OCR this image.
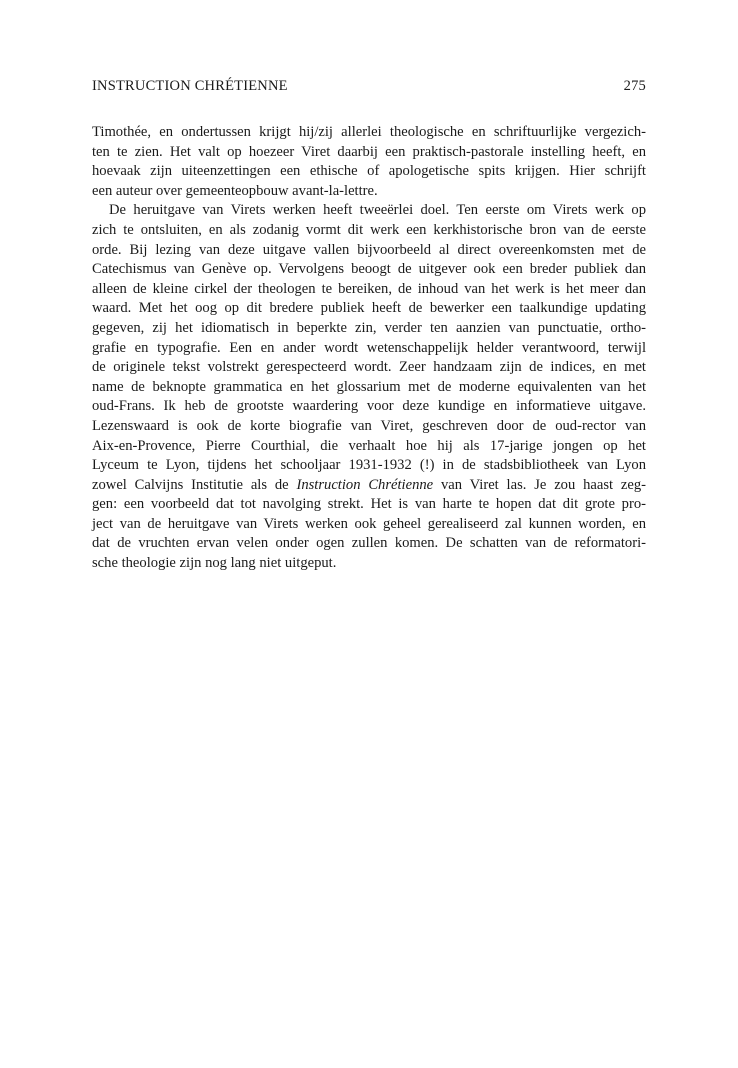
INSTRUCTION CHRÉTIENNE	275

Timothée, en ondertussen krijgt hij/zij allerlei theologische en schriftuurlijke vergezich-
ten te zien. Het valt op hoezeer Viret daarbij een praktisch-pastorale instelling heeft, en
hoevaak zijn uiteenzettingen een ethische of apologetische spits krijgen. Hier schrijft
een auteur over gemeenteopbouw avant-la-lettre.

De heruitgave van Virets werken heeft tweeërlei doel. Ten eerste om Virets werk op
zich te ontsluiten, en als zodanig vormt dit werk een kerkhistorische bron van de eerste
orde. Bij lezing van deze uitgave vallen bijvoorbeeld al direct overeenkomsten met de
Catechismus van Genève op. Vervolgens beoogt de uitgever ook een breder publiek dan
alleen de kleine cirkel der theologen te bereiken, de inhoud van het werk is het meer dan
waard. Met het oog op dit bredere publiek heeft de bewerker een taalkundige updating
gegeven, zij het idiomatisch in beperkte zin, verder ten aanzien van punctuatie, ortho-
grafie en typografie. Een en ander wordt wetenschappelijk helder verantwoord, terwijl
de originele tekst volstrekt gerespecteerd wordt. Zeer handzaam zijn de indices, en met
name de beknopte grammatica en het glossarium met de moderne equivalenten van het
oud-Frans. Ik heb de grootste waardering voor deze kundige en informatieve uitgave.
Lezenswaard is ook de korte biografie van Viret, geschreven door de oud-rector van
Aix-en-Provence, Pierre Courthial, die verhaalt hoe hij als 17-jarige jongen op het
Lyceum te Lyon, tijdens het schooljaar 1931-1932 (!) in de stadsbibliotheek van Lyon
zowel Calvijns Institutie als de Instruction Chrétienne van Viret las. Je zou haast zeg-
gen: een voorbeeld dat tot navolging strekt. Het is van harte te hopen dat dit grote pro-
ject van de heruitgave van Virets werken ook geheel gerealiseerd zal kunnen worden, en
dat de vruchten ervan velen onder ogen zullen komen. De schatten van de reformatori-
sche theologie zijn nog lang niet uitgeput.
